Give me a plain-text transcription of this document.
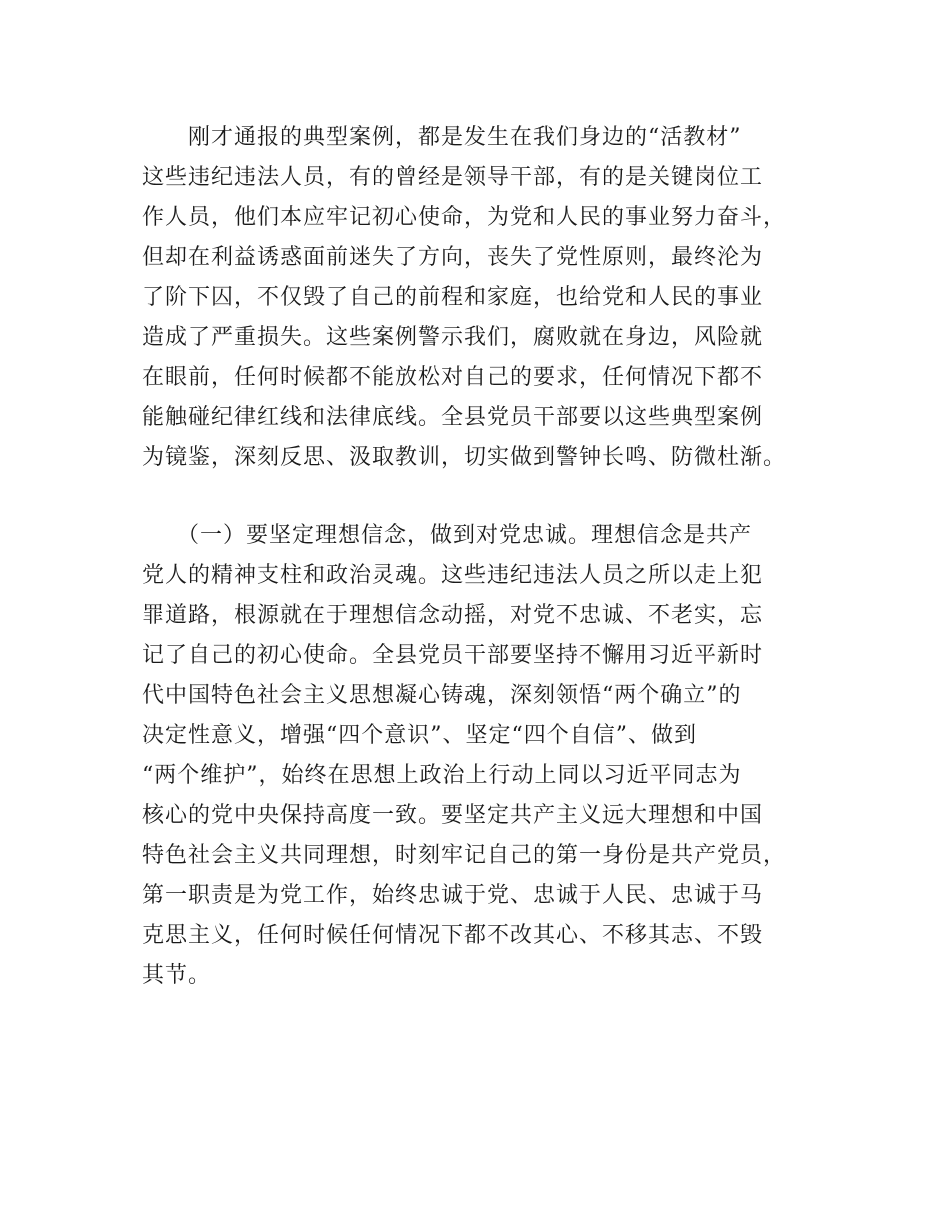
　　刚才通报的典型案例，都是发生在我们身边的“活教材”
这些违纪违法人员，有的曾经是领导干部，有的是关键岗位工
作人员，他们本应牢记初心使命，为党和人民的事业努力奋斗，
但却在利益诱惑面前迷失了方向，丧失了党性原则，最终沦为
了阶下囚，不仅毁了自己的前程和家庭，也给党和人民的事业
造成了严重损失。这些案例警示我们，腐败就在身边，风险就
在眼前，任何时候都不能放松对自己的要求，任何情况下都不
能触碰纪律红线和法律底线。全县党员干部要以这些典型案例
为镜鉴，深刻反思、汲取教训，切实做到警钟长鸣、防微杜渐。
　　（一）要坚定理想信念，做到对党忠诚。理想信念是共产
党人的精神支柱和政治灵魂。这些违纪违法人员之所以走上犯
罪道路，根源就在于理想信念动摇，对党不忠诚、不老实，忘
记了自己的初心使命。全县党员干部要坚持不懈用习近平新时
代中国特色社会主义思想凝心铸魂，深刻领悟“两个确立”的
决定性意义，增强“四个意识”、坚定“四个自信”、做到
“两个维护”，始终在思想上政治上行动上同以习近平同志为
核心的党中央保持高度一致。要坚定共产主义远大理想和中国
特色社会主义共同理想，时刻牢记自己的第一身份是共产党员，
第一职责是为党工作，始终忠诚于党、忠诚于人民、忠诚于马
克思主义，任何时候任何情况下都不改其心、不移其志、不毁
其节。
